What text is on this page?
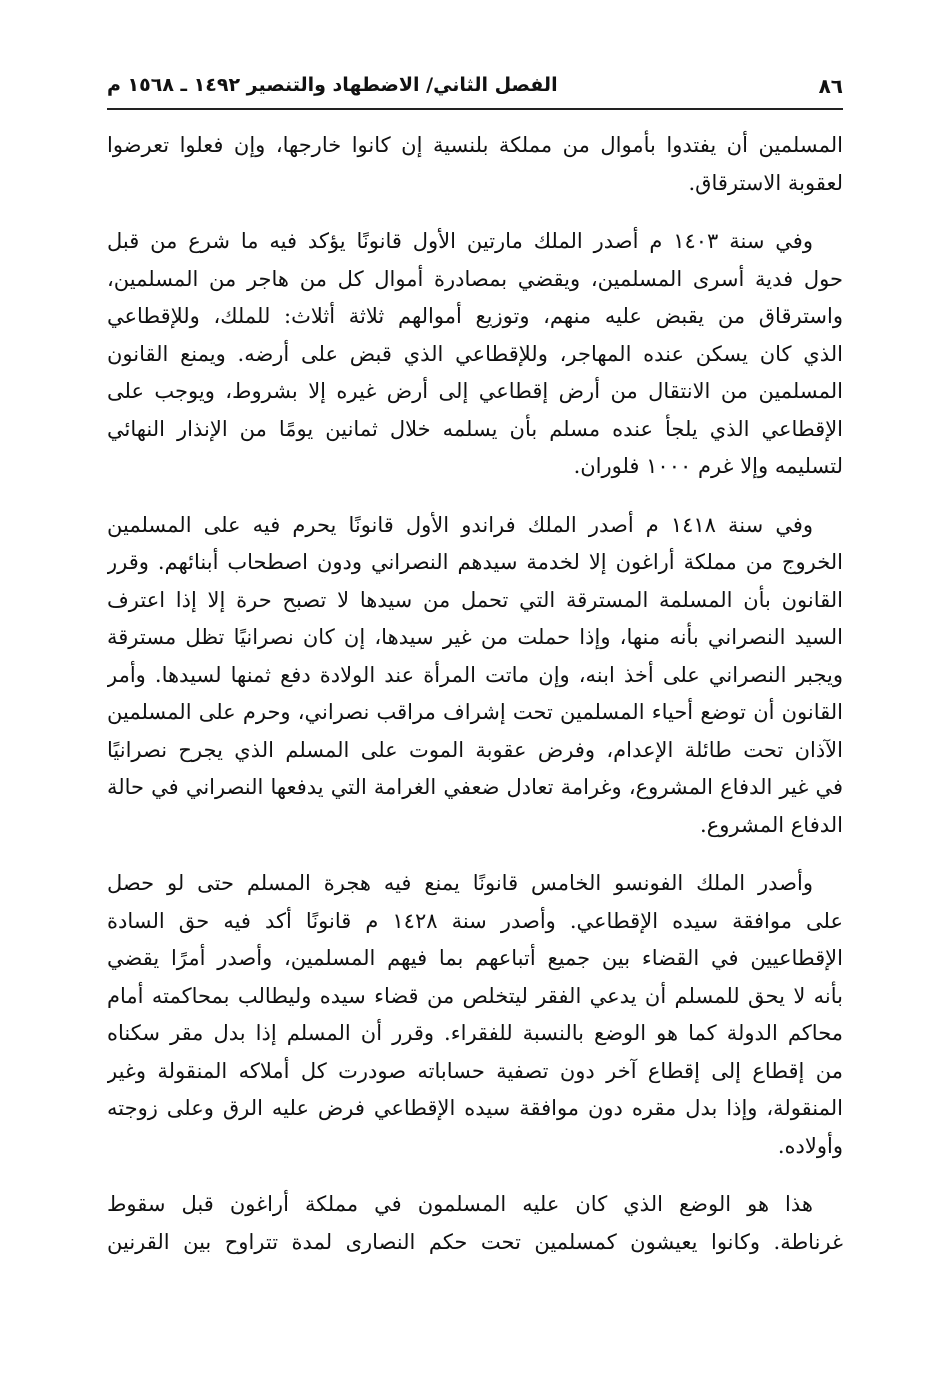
٨٦
الفصل الثاني/ الاضطهاد والتنصير ١٤٩٢ ـ ١٥٦٨ م
المسلمين أن يفتدوا بأموال من مملكة بلنسية إن كانوا خارجها، وإن فعلوا تعرضوا
لعقوبة الاسترقاق.
وفي سنة ١٤٠٣ م أصدر الملك مارتين الأول قانونًا يؤكد فيه ما شرع من قبل
حول فدية أسرى المسلمين، ويقضي بمصادرة أموال كل من هاجر من المسلمين،
واسترقاق من يقبض عليه منهم، وتوزيع أموالهم ثلاثة أثلاث: للملك، وللإقطاعي
الذي كان يسكن عنده المهاجر، وللإقطاعي الذي قبض على أرضه. ويمنع القانون
المسلمين من الانتقال من أرض إقطاعي إلى أرض غيره إلا بشروط، ويوجب على
الإقطاعي الذي يلجأ عنده مسلم بأن يسلمه خلال ثمانين يومًا من الإنذار النهائي
لتسليمه وإلا غرم ١٠٠٠ فلوران.
وفي سنة ١٤١٨ م أصدر الملك فراندو الأول قانونًا يحرم فيه على المسلمين
الخروج من مملكة أراغون إلا لخدمة سيدهم النصراني ودون اصطحاب أبنائهم. وقرر
القانون بأن المسلمة المسترقة التي تحمل من سيدها لا تصبح حرة إلا إذا اعترف
السيد النصراني بأنه منها، وإذا حملت من غير سيدها، إن كان نصرانيًا تظل مسترقة
ويجبر النصراني على أخذ ابنه، وإن ماتت المرأة عند الولادة دفع ثمنها لسيدها. وأمر
القانون أن توضع أحياء المسلمين تحت إشراف مراقب نصراني، وحرم على المسلمين
الآذان تحت طائلة الإعدام، وفرض عقوبة الموت على المسلم الذي يجرح نصرانيًا
في غير الدفاع المشروع، وغرامة تعادل ضعفي الغرامة التي يدفعها النصراني في حالة
الدفاع المشروع.
وأصدر الملك الفونسو الخامس قانونًا يمنع فيه هجرة المسلم حتى لو حصل
على موافقة سيده الإقطاعي. وأصدر سنة ١٤٢٨ م قانونًا أكد فيه حق السادة
الإقطاعيين في القضاء بين جميع أتباعهم بما فيهم المسلمين، وأصدر أمرًا يقضي
بأنه لا يحق للمسلم أن يدعي الفقر ليتخلص من قضاء سيده وليطالب بمحاكمته أمام
محاكم الدولة كما هو الوضع بالنسبة للفقراء. وقرر أن المسلم إذا بدل مقر سكناه
من إقطاع إلى إقطاع آخر دون تصفية حساباته صودرت كل أملاكه المنقولة وغير
المنقولة، وإذا بدل مقره دون موافقة سيده الإقطاعي فرض عليه الرق وعلى زوجته
وأولاده.
هذا هو الوضع الذي كان عليه المسلمون في مملكة أراغون قبل سقوط
غرناطة. وكانوا يعيشون كمسلمين تحت حكم النصارى لمدة تتراوح بين القرنين
